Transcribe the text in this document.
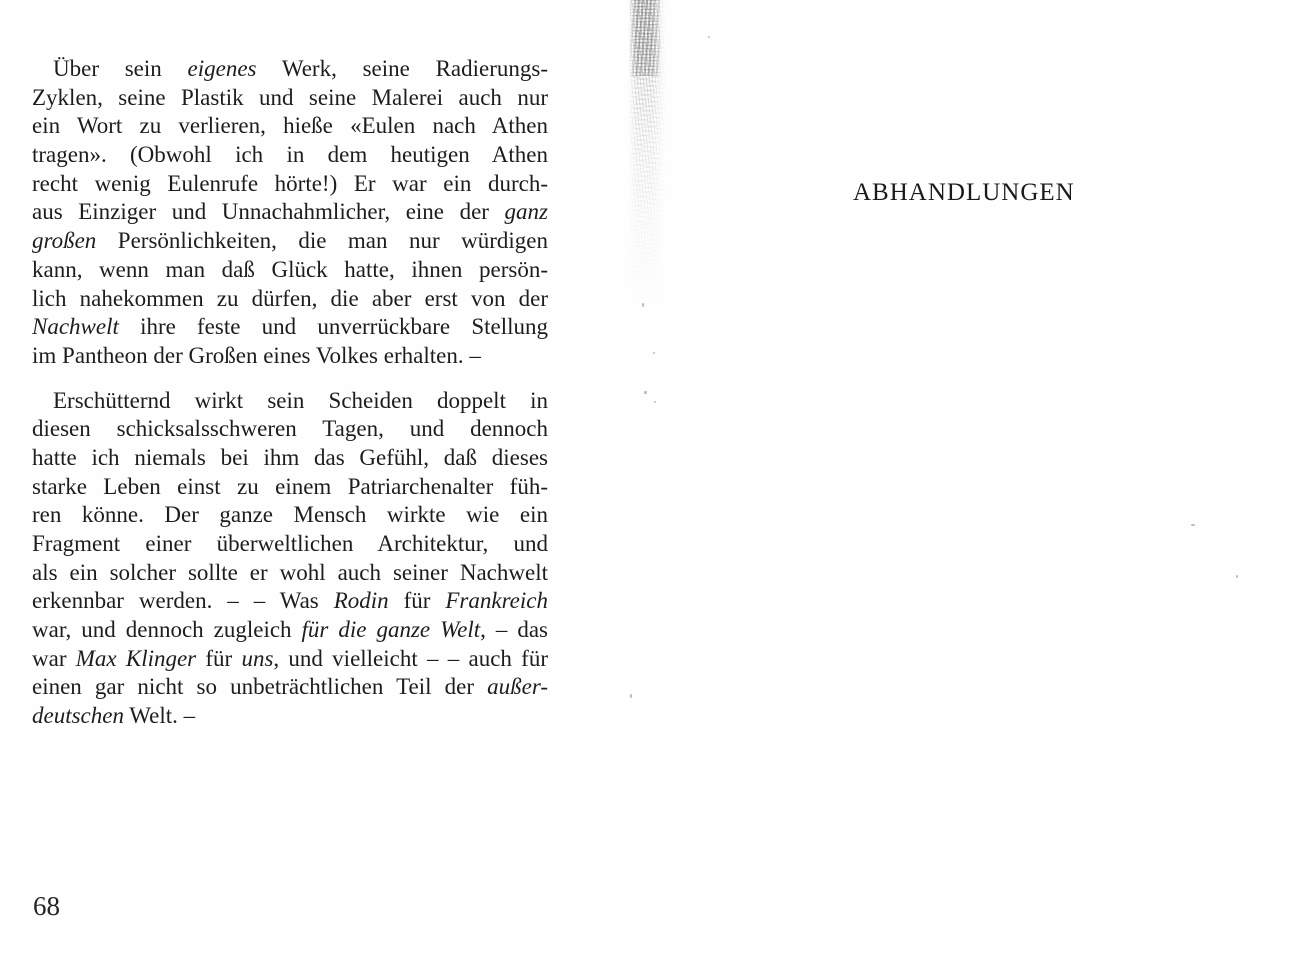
Über sein eigenes Werk, seine Radierungs-
Zyklen, seine Plastik und seine Malerei auch nur
ein Wort zu verlieren, hieße «Eulen nach Athen
tragen». (Obwohl ich in dem heutigen Athen
recht wenig Eulenrufe hörte!) Er war ein durch-
aus Einziger und Unnachahmlicher, eine der ganz
großen Persönlichkeiten, die man nur würdigen
kann, wenn man daß Glück hatte, ihnen persön-
lich nahekommen zu dürfen, die aber erst von der
Nachwelt ihre feste und unverrückbare Stellung
im Pantheon der Großen eines Volkes erhalten. –
Erschütternd wirkt sein Scheiden doppelt in
diesen schicksalsschweren Tagen, und dennoch
hatte ich niemals bei ihm das Gefühl, daß dieses
starke Leben einst zu einem Patriarchenalter füh-
ren könne. Der ganze Mensch wirkte wie ein
Fragment einer überweltlichen Architektur, und
als ein solcher sollte er wohl auch seiner Nachwelt
erkennbar werden. – – Was Rodin für Frankreich
war, und dennoch zugleich für die ganze Welt, – das
war Max Klinger für uns, und vielleicht – – auch für
einen gar nicht so unbeträchtlichen Teil der außer-
deutschen Welt. –
68
ABHANDLUNGEN
